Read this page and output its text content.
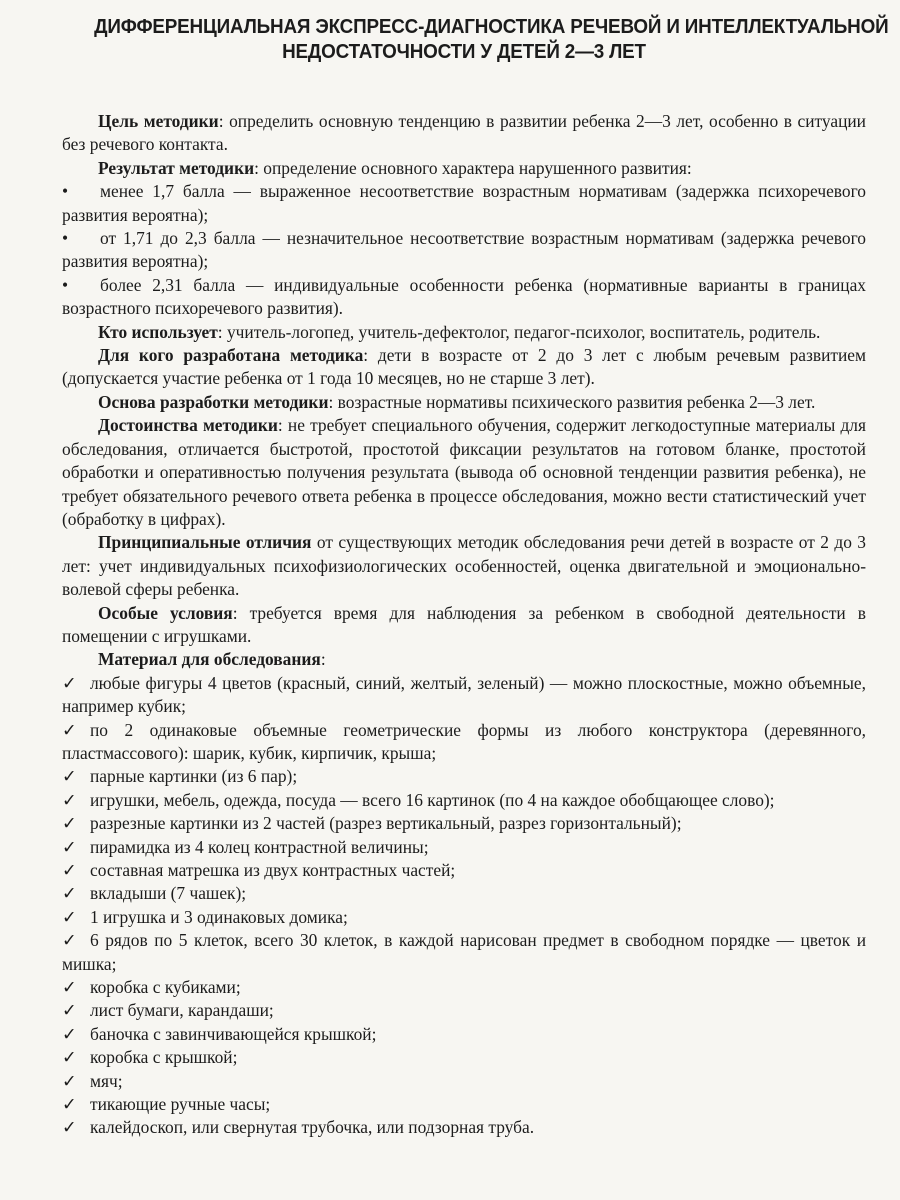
ДИФФЕРЕНЦИАЛЬНАЯ ЭКСПРЕСС-ДИАГНОСТИКА РЕЧЕВОЙ И ИНТЕЛЛЕКТУАЛЬНОЙ
НЕДОСТАТОЧНОСТИ У ДЕТЕЙ 2—3 ЛЕТ

Цель методики: определить основную тенденцию в развитии ребенка 2—3 лет, особенно в ситуации без речевого контакта.

Результат методики: определение основного характера нарушенного развития:

• менее 1,7 балла — выраженное несоответствие возрастным нормативам (задержка психоречевого развития вероятна);

• от 1,71 до 2,3 балла — незначительное несоответствие возрастным нормативам (задержка речевого развития вероятна);

• более 2,31 балла — индивидуальные особенности ребенка (нормативные варианты в границах возрастного психоречевого развития).

Кто использует: учитель-логопед, учитель-дефектолог, педагог-психолог, воспитатель, родитель.

Для кого разработана методика: дети в возрасте от 2 до 3 лет с любым речевым развитием (допускается участие ребенка от 1 года 10 месяцев, но не старше 3 лет).

Основа разработки методики: возрастные нормативы психического развития ребенка 2—3 лет.

Достоинства методики: не требует специального обучения, содержит легкодоступные материалы для обследования, отличается быстротой, простотой фиксации результатов на готовом бланке, простотой обработки и оперативностью получения результата (вывода об основной тенденции развития ребенка), не требует обязательного речевого ответа ребенка в процессе обследования, можно вести статистический учет (обработку в цифрах).

Принципиальные отличия от существующих методик обследования речи детей в возрасте от 2 до 3 лет: учет индивидуальных психофизиологических особенностей, оценка двигательной и эмоционально-волевой сферы ребенка.

Особые условия: требуется время для наблюдения за ребенком в свободной деятельности в помещении с игрушками.

Материал для обследования:

✓ любые фигуры 4 цветов (красный, синий, желтый, зеленый) — можно плоскостные, можно объемные, например кубик;

✓ по 2 одинаковые объемные геометрические формы из любого конструктора (деревянного, пластмассового): шарик, кубик, кирпичик, крыша;

✓ парные картинки (из 6 пар);

✓ игрушки, мебель, одежда, посуда — всего 16 картинок (по 4 на каждое обобщающее слово);

✓ разрезные картинки из 2 частей (разрез вертикальный, разрез горизонтальный);

✓ пирамидка из 4 колец контрастной величины;

✓ составная матрешка из двух контрастных частей;

✓ вкладыши (7 чашек);

✓ 1 игрушка и 3 одинаковых домика;

✓ 6 рядов по 5 клеток, всего 30 клеток, в каждой нарисован предмет в свободном порядке — цветок и мишка;

✓ коробка с кубиками;

✓ лист бумаги, карандаши;

✓ баночка с завинчивающейся крышкой;

✓ коробка с крышкой;

✓ мяч;

✓ тикающие ручные часы;

✓ калейдоскоп, или свернутая трубочка, или подзорная труба.
